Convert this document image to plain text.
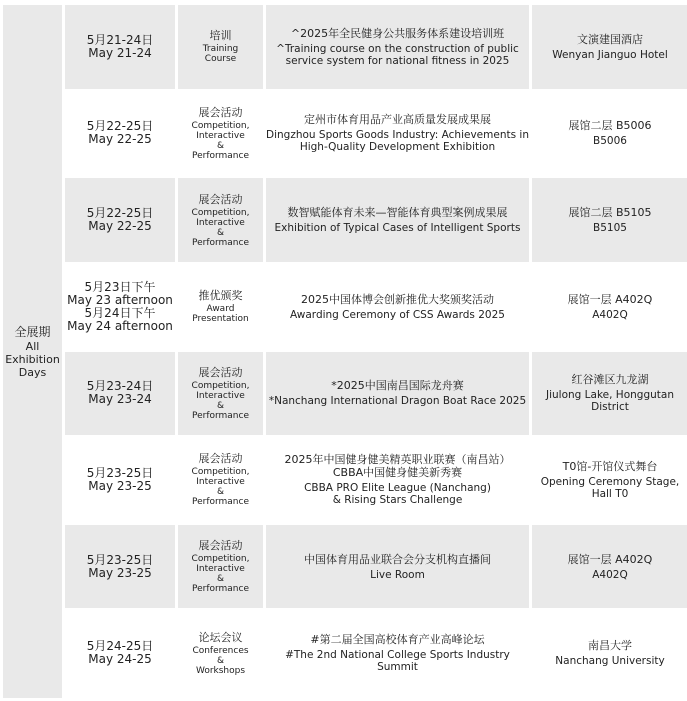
全展期
All
Exhibition
Days
5月21-24日
May 21-24
培训
Training
Course
^2025年全民健身公共服务体系建设培训班
^Training course on the construction of public
service system for national fitness in 2025
文演建国酒店
Wenyan Jianguo Hotel
5月22-25日
May 22-25
展会活动
Competition,
Interactive
&
Performance
定州市体育用品产业高质量发展成果展
Dingzhou Sports Goods Industry: Achievements in
High-Quality Development Exhibition
展馆二层 B5006
B5006
5月22-25日
May 22-25
展会活动
Competition,
Interactive
&
Performance
数智赋能体育未来—智能体育典型案例成果展
Exhibition of Typical Cases of Intelligent Sports
展馆二层 B5105
B5105
5月23日下午
May 23 afternoon
5月24日下午
May 24 afternoon
推优颁奖
Award
Presentation
2025中国体博会创新推优大奖颁奖活动
Awarding Ceremony of CSS Awards 2025
展馆一层 A402Q
A402Q
5月23-24日
May 23-24
展会活动
Competition,
Interactive
&
Performance
*2025中国南昌国际龙舟赛
*Nanchang International Dragon Boat Race 2025
红谷滩区九龙湖
Jiulong Lake, Honggutan District
5月23-25日
May 23-25
展会活动
Competition,
Interactive
&
Performance
2025年中国健身健美精英职业联赛（南昌站）
CBBA中国健身健美新秀赛
CBBA PRO Elite League (Nanchang)
& Rising Stars Challenge
T0馆-开馆仪式舞台
Opening Ceremony Stage,
Hall T0
5月23-25日
May 23-25
展会活动
Competition,
Interactive
&
Performance
中国体育用品业联合会分支机构直播间
Live Room
展馆一层 A402Q
A402Q
5月24-25日
May 24-25
论坛会议
Conferences
&
Workshops
#第二届全国高校体育产业高峰论坛
#The 2nd National College Sports Industry Summit
南昌大学
Nanchang University
